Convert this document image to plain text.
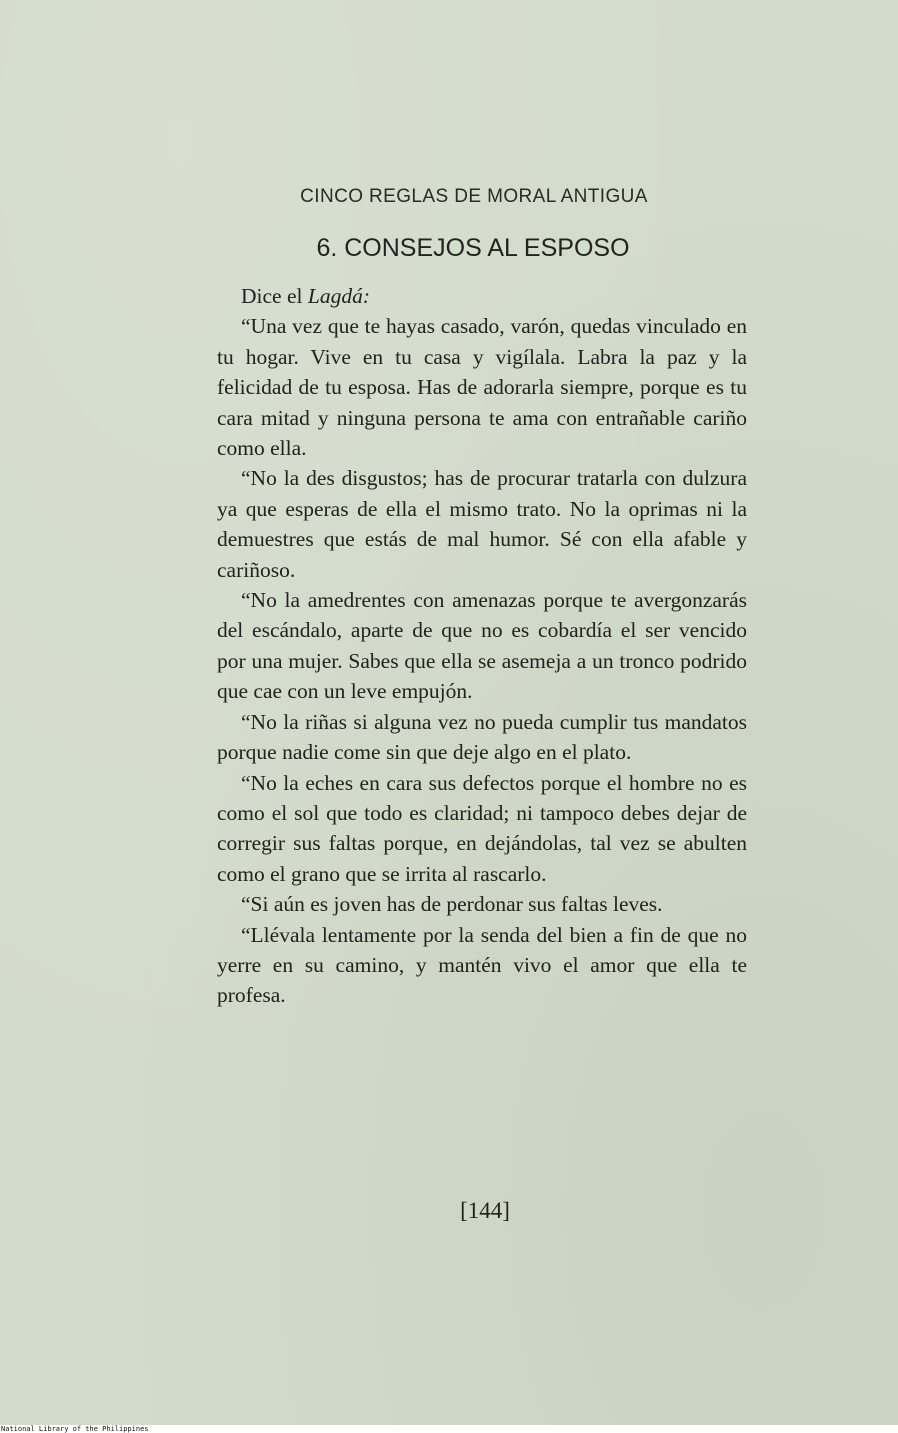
CINCO REGLAS DE MORAL ANTIGUA
6. CONSEJOS AL ESPOSO

Dice el Lagdá:

“Una vez que te hayas casado, varón, quedas vinculado en tu hogar. Vive en tu casa y vigílala. Labra la paz y la felicidad de tu esposa. Has de adorarla siempre, porque es tu cara mitad y ninguna persona te ama con entrañable cariño como ella.

“No la des disgustos; has de procurar tratarla con dulzura ya que esperas de ella el mismo trato. No la oprimas ni la demuestres que estás de mal humor. Sé con ella afable y cariñoso.

“No la amedrentes con amenazas porque te avergonzarás del escándalo, aparte de que no es cobardía el ser vencido por una mujer. Sabes que ella se asemeja a un tronco podrido que cae con un leve empujón.

“No la riñas si alguna vez no pueda cumplir tus mandatos porque nadie come sin que deje algo en el plato.

“No la eches en cara sus defectos porque el hombre no es como el sol que todo es claridad; ni tampoco debes dejar de corregir sus faltas porque, en dejándolas, tal vez se abulten como el grano que se irrita al rascarlo.

“Si aún es joven has de perdonar sus faltas leves.

“Llévala lentamente por la senda del bien a fin de que no yerre en su camino, y mantén vivo el amor que ella te profesa.

[144]
National Library of the Philippines
